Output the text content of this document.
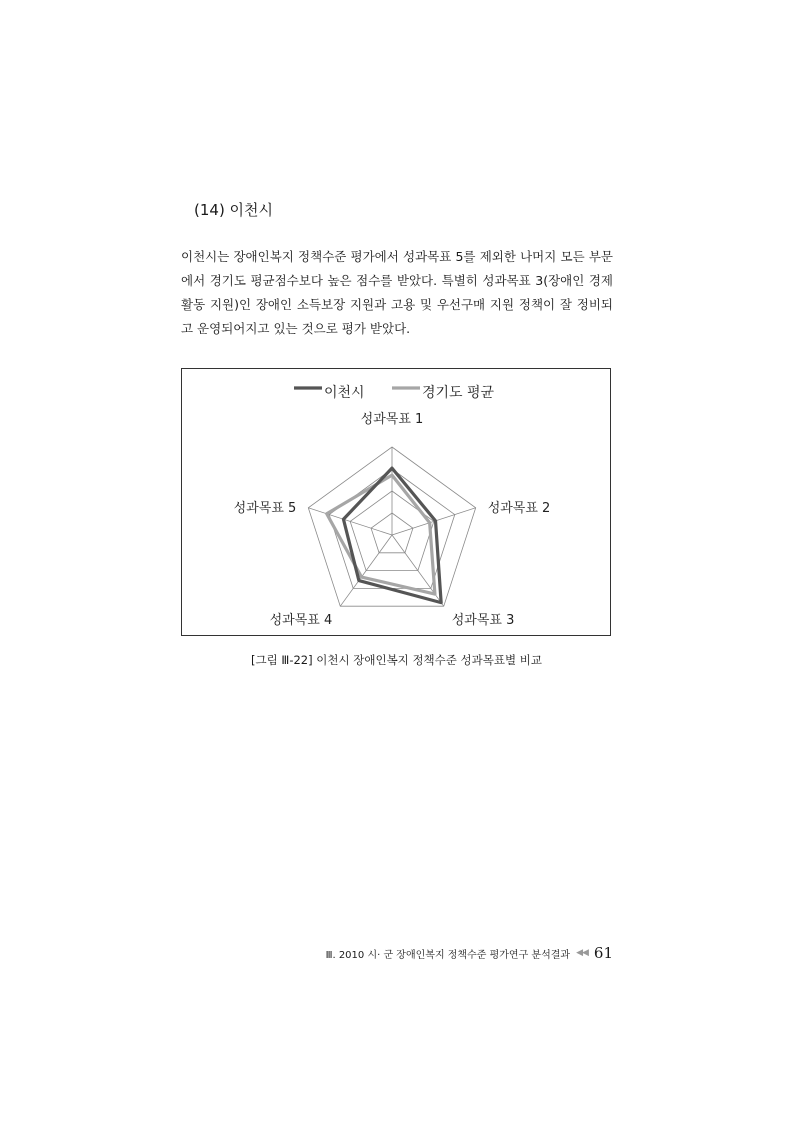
(14) 이천시

이천시는 장애인복지 정책수준 평가에서 성과목표 5를 제외한 나머지 모든 부문에서 경기도 평균점수보다 높은 점수를 받았다. 특별히 성과목표 3(장애인 경제활동 지원)인 장애인 소득보장 지원과 고용 및 우선구매 지원 정책이 잘 정비되고 운영되어지고 있는 것으로 평가 받았다.

성과목표 1
성과목표 2
성과목표 3
성과목표 4
성과목표 5
이천시	경기도 평균
[그림 Ⅲ-22] 이천시 장애인복지 정책수준 성과목표별 비교
Ⅲ. 2010 시· 군 장애인복지 정책수준 평가연구 분석결과 ◀◀ 61
